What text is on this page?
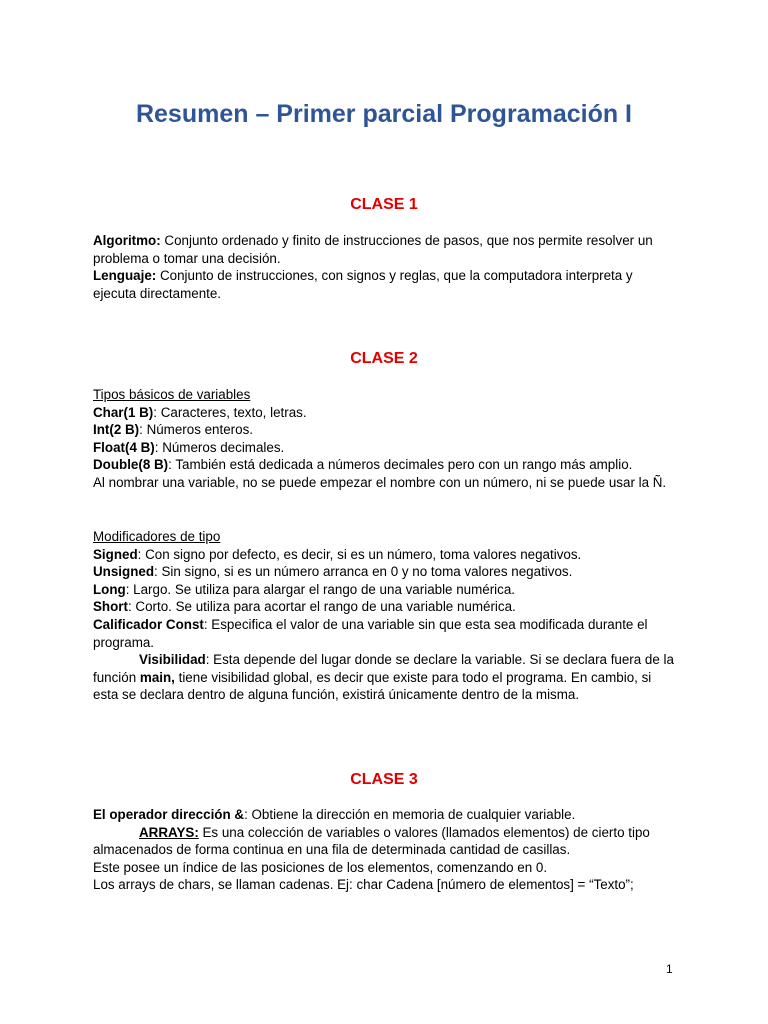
Resumen – Primer parcial Programación I
CLASE 1

Algoritmo: Conjunto ordenado y finito de instrucciones de pasos, que nos permite resolver un problema o tomar una decisión.

Lenguaje: Conjunto de instrucciones, con signos y reglas, que la computadora interpreta y ejecuta directamente.

CLASE 2

Tipos básicos de variables

Char(1 B): Caracteres, texto, letras.

Int(2 B): Números enteros.

Float(4 B): Números decimales.

Double(8 B): También está dedicada a números decimales pero con un rango más amplio.

Al nombrar una variable, no se puede empezar el nombre con un número, ni se puede usar la Ñ.

Modificadores de tipo

Signed: Con signo por defecto, es decir, si es un número, toma valores negativos.

Unsigned: Sin signo, si es un número arranca en 0 y no toma valores negativos.

Long: Largo. Se utiliza para alargar el rango de una variable numérica.

Short: Corto. Se utiliza para acortar el rango de una variable numérica.

Calificador Const: Especifica el valor de una variable sin que esta sea modificada durante el programa.

Visibilidad: Esta depende del lugar donde se declare la variable. Si se declara fuera de la función main, tiene visibilidad global, es decir que existe para todo el programa. En cambio, si esta se declara dentro de alguna función, existirá únicamente dentro de la misma.

CLASE 3

El operador dirección &: Obtiene la dirección en memoria de cualquier variable.

ARRAYS: Es una colección de variables o valores (llamados elementos) de cierto tipo almacenados de forma continua en una fila de determinada cantidad de casillas.

Este posee un índice de las posiciones de los elementos, comenzando en 0.

Los arrays de chars, se llaman cadenas. Ej: char Cadena [número de elementos] = “Texto”;

1
